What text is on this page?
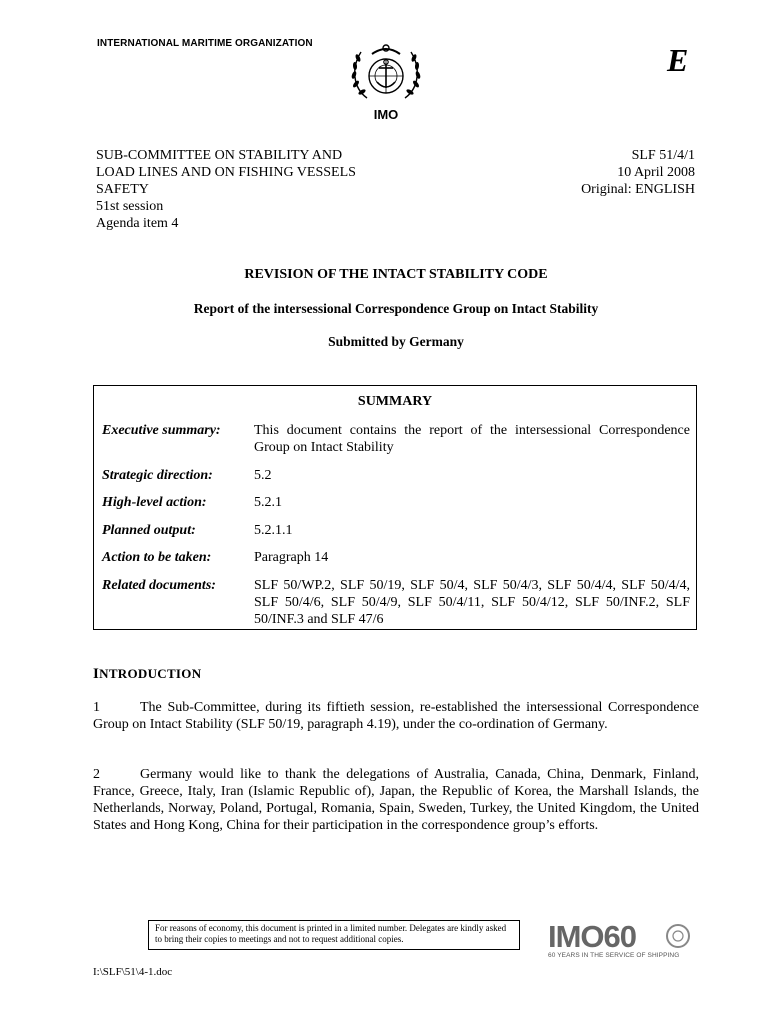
INTERNATIONAL MARITIME ORGANIZATION	E
IMO
SUB-COMMITTEE ON STABILITY AND
LOAD LINES AND ON FISHING VESSELS
SAFETY
51st session
Agenda item 4
SLF 51/4/1
10 April 2008
Original: ENGLISH
REVISION OF THE INTACT STABILITY CODE
Report of the intersessional Correspondence Group on Intact Stability
Submitted by Germany
SUMMARY
Executive summary:	This document contains the report of the intersessional Correspondence Group on Intact Stability
Strategic direction:	5.2
High-level action:	5.2.1
Planned output:	5.2.1.1
Action to be taken:	Paragraph 14
Related documents:	SLF 50/WP.2, SLF 50/19, SLF 50/4, SLF 50/4/3, SLF 50/4/4, SLF 50/4/4, SLF 50/4/6, SLF 50/4/9, SLF 50/4/11, SLF 50/4/12, SLF 50/INF.2, SLF 50/INF.3 and SLF 47/6
INTRODUCTION
1	The Sub-Committee, during its fiftieth session, re-established the intersessional Correspondence Group on Intact Stability (SLF 50/19, paragraph 4.19), under the co-ordination of Germany.
2	Germany would like to thank the delegations of Australia, Canada, China, Denmark, Finland, France, Greece, Italy, Iran (Islamic Republic of), Japan, the Republic of Korea, the Marshall Islands, the Netherlands, Norway, Poland, Portugal, Romania, Spain, Sweden, Turkey, the United Kingdom, the United States and Hong Kong, China for their participation in the correspondence group’s efforts.
For reasons of economy, this document is printed in a limited number. Delegates are kindly asked to bring their copies to meetings and not to request additional copies.	IMO60
60 YEARS IN THE SERVICE OF SHIPPING
I:\SLF\51\4-1.doc
